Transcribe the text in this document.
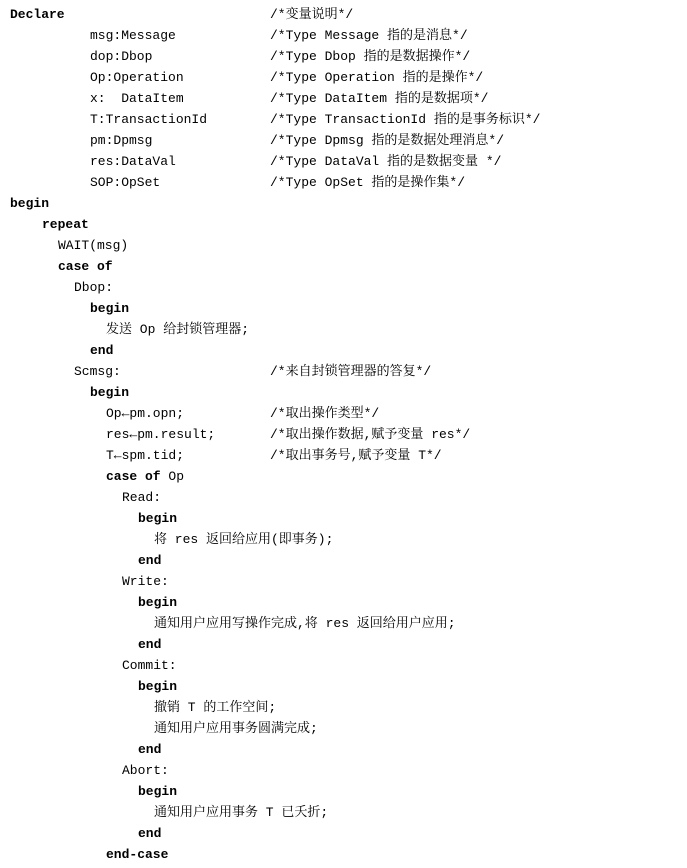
Declare	/*变量说明*/
msg:Message	/*Type Message 指的是消息*/
dop:Dbop	/*Type Dbop 指的是数据操作*/
Op:Operation	/*Type Operation 指的是操作*/
x:  DataItem	/*Type DataItem 指的是数据项*/
T:TransactionId	/*Type TransactionId 指的是事务标识*/
pm:Dpmsg	/*Type Dpmsg 指的是数据处理消息*/
res:DataVal	/*Type DataVal 指的是数据变量 */
SOP:OpSet	/*Type OpSet 指的是操作集*/
begin
repeat
WAIT(msg)
case of
Dbop:
begin
发送 Op 给封锁管理器;
end
Scmsg:	/*来自封锁管理器的答复*/
begin
Op←pm.opn;	/*取出操作类型*/
res←pm.result;	/*取出操作数据,赋予变量 res*/
T←spm.tid;	/*取出事务号,赋予变量 T*/
case of Op
Read:
begin
将 res 返回给应用(即事务);
end
Write:
begin
通知用户应用写操作完成,将 res 返回给用户应用;
end
Commit:
begin
撤销 T 的工作空间;
通知用户应用事务圆满完成;
end
Abort:
begin
通知用户应用事务 T 已夭折;
end
end-case
